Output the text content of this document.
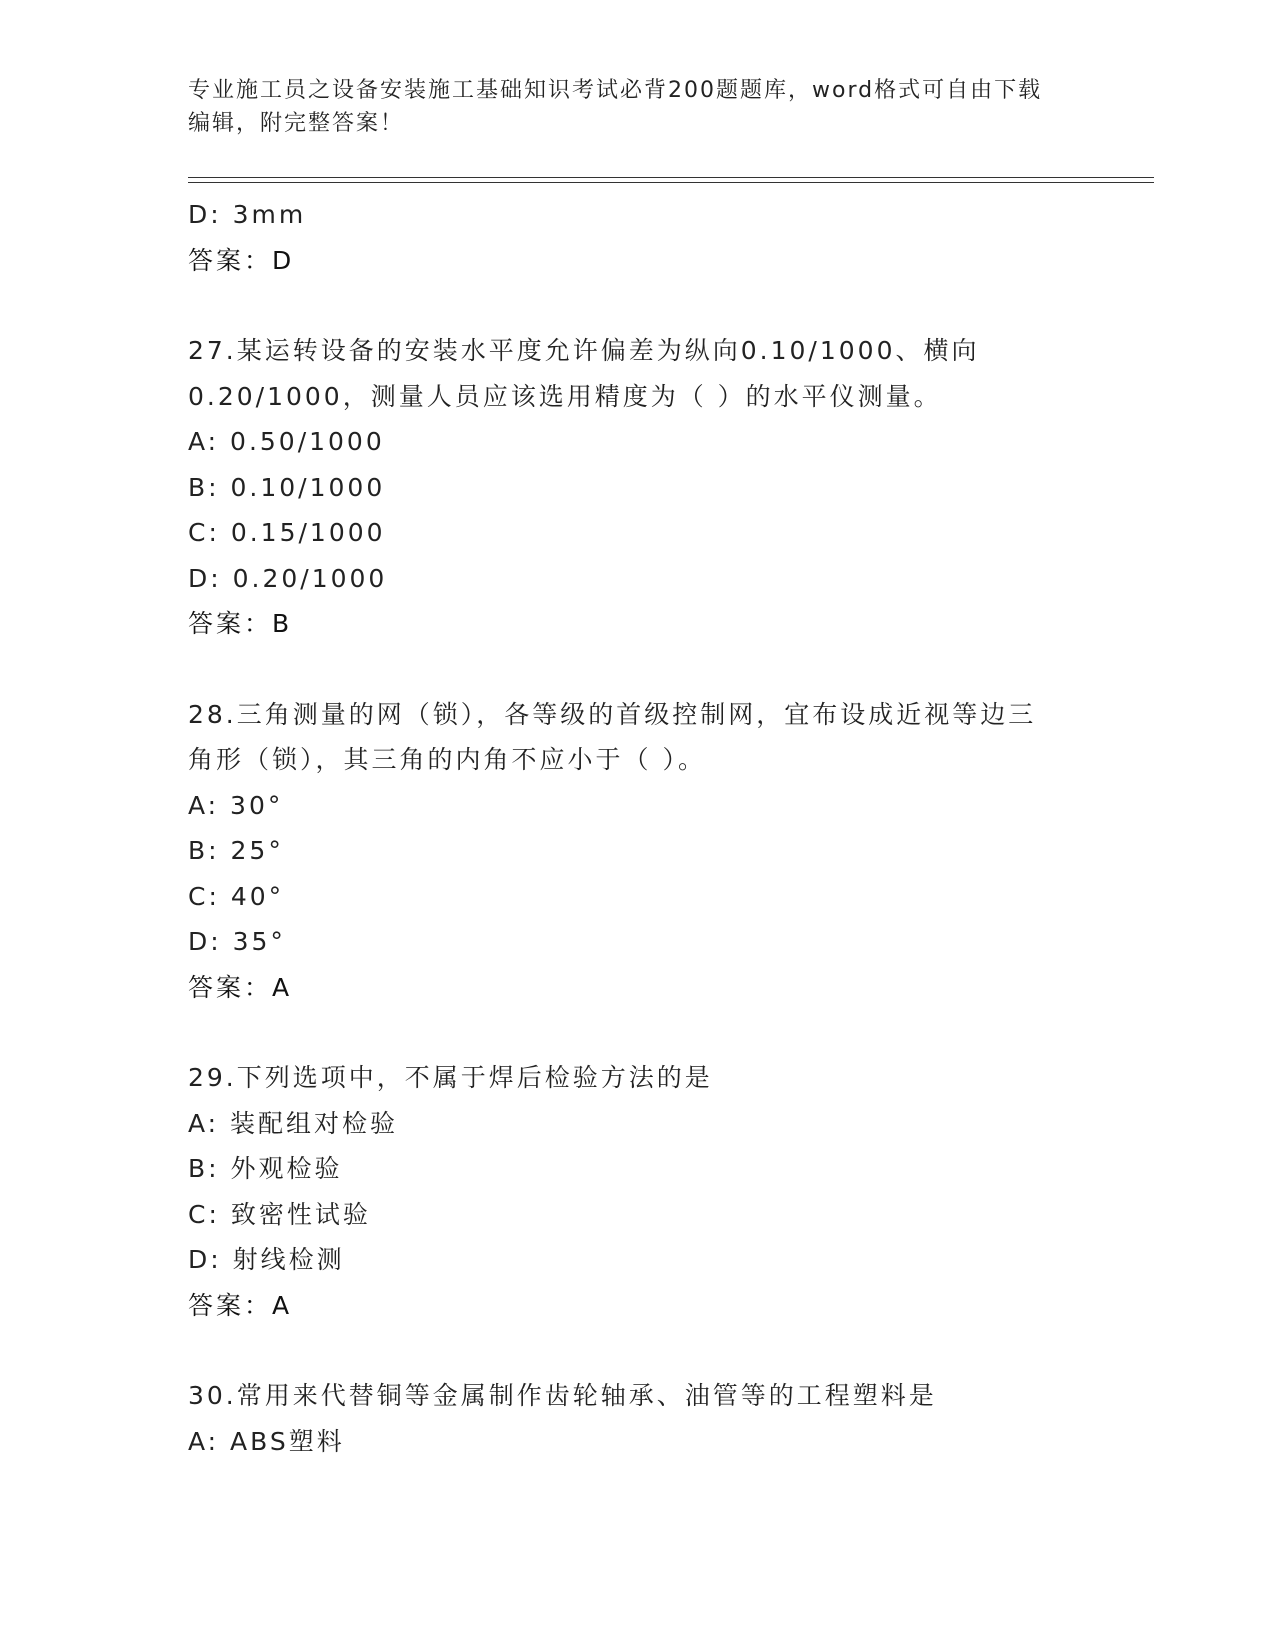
专业施工员之设备安装施工基础知识考试必背200题题库，word格式可自由下载
编辑，附完整答案！
D: 3mm
答案：D
27.某运转设备的安装水平度允许偏差为纵向0.10/1000、横向
0.20/1000，测量人员应该选用精度为（ ）的水平仪测量。
A: 0.50/1000
B: 0.10/1000
C: 0.15/1000
D: 0.20/1000
答案：B
28.三角测量的网（锁），各等级的首级控制网，宜布设成近视等边三
角形（锁），其三角的内角不应小于（ ）。
A: 30°
B: 25°
C: 40°
D: 35°
答案：A
29.下列选项中，不属于焊后检验方法的是
A: 装配组对检验
B: 外观检验
C: 致密性试验
D: 射线检测
答案：A
30.常用来代替铜等金属制作齿轮轴承、油管等的工程塑料是
A: ABS塑料
